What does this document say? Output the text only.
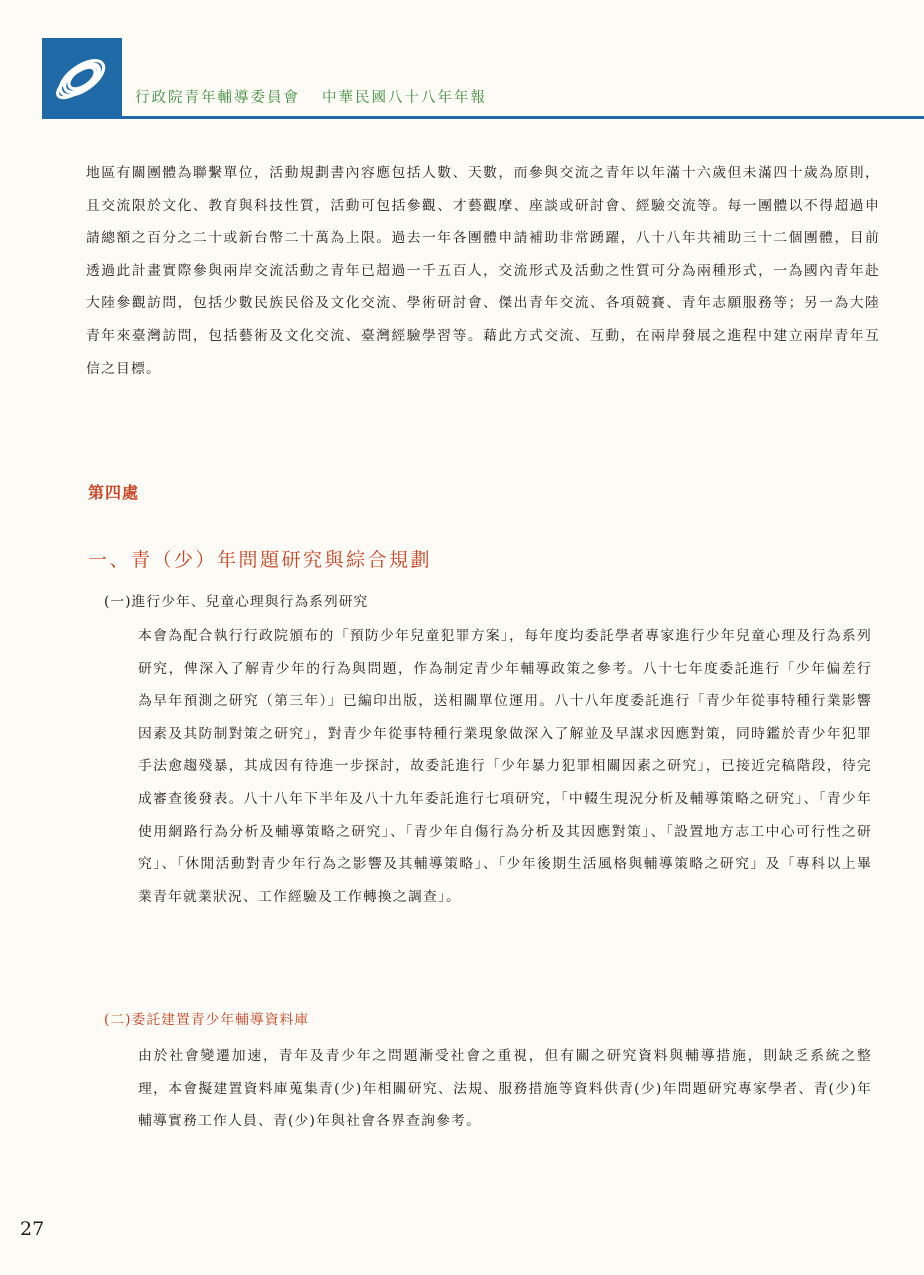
行政院青年輔導委員會 中華民國八十八年年報

地區有關團體為聯繫單位，活動規劃書內容應包括人數、天數，而參與交流之青年以年滿十六歲但未滿四十歲為原則，且交流限於文化、教育與科技性質，活動可包括參觀、才藝觀摩、座談或研討會、經驗交流等。每一團體以不得超過申請總額之百分之二十或新台幣二十萬為上限。過去一年各團體申請補助非常踴躍，八十八年共補助三十二個團體，目前透過此計畫實際參與兩岸交流活動之青年已超過一千五百人，交流形式及活動之性質可分為兩種形式，一為國內青年赴大陸參觀訪問，包括少數民族民俗及文化交流、學術研討會、傑出青年交流、各項競賽、青年志願服務等；另一為大陸青年來臺灣訪問，包括藝術及文化交流、臺灣經驗學習等。藉此方式交流、互動，在兩岸發展之進程中建立兩岸青年互信之目標。

第四處
一、青（少）年問題研究與綜合規劃
(一)進行少年、兒童心理與行為系列研究

本會為配合執行行政院頒布的「預防少年兒童犯罪方案」，每年度均委託學者專家進行少年兒童心理及行為系列研究，俾深入了解青少年的行為與問題，作為制定青少年輔導政策之參考。八十七年度委託進行「少年偏差行為早年預測之研究（第三年）」已編印出版，送相關單位運用。八十八年度委託進行「青少年從事特種行業影響因素及其防制對策之研究」，對青少年從事特種行業現象做深入了解並及早謀求因應對策，同時鑑於青少年犯罪手法愈趨殘暴，其成因有待進一步探討，故委託進行「少年暴力犯罪相關因素之研究」，已接近完稿階段，待完成審查後發表。八十八年下半年及八十九年委託進行七項研究，「中輟生現況分析及輔導策略之研究」、「青少年使用網路行為分析及輔導策略之研究」、「青少年自傷行為分析及其因應對策」、「設置地方志工中心可行性之研究」、「休閒活動對青少年行為之影響及其輔導策略」、「少年後期生活風格與輔導策略之研究」及「專科以上畢業青年就業狀況、工作經驗及工作轉換之調查」。

(二)委託建置青少年輔導資料庫

由於社會變遷加速，青年及青少年之問題漸受社會之重視，但有關之研究資料與輔導措施，則缺乏系統之整理，本會擬建置資料庫蒐集青(少)年相關研究、法規、服務措施等資料供青(少)年問題研究專家學者、青(少)年輔導實務工作人員、青(少)年與社會各界查詢參考。

27
